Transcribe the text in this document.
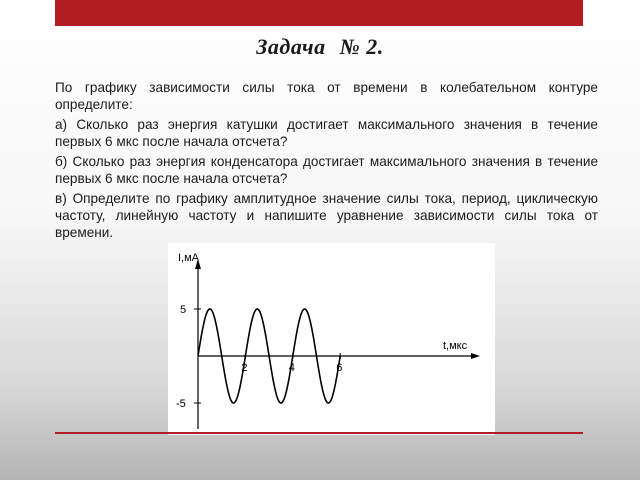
Задача № 2.

По графику зависимости силы тока от времени в колебательном контуре определите:

а) Сколько раз энергия катушки достигает максимального значения в течение первых 6 мкс после начала отсчета?

б) Сколько раз энергия конденсатора достигает максимального значения в течение первых 6 мкс после начала отсчета?

в) Определите по графику амплитудное значение силы тока, период, циклическую частоту, линейную частоту и напишите уравнение зависимости силы тока от времени.

I,мА
t,мкс
2	4	6
5
-5
